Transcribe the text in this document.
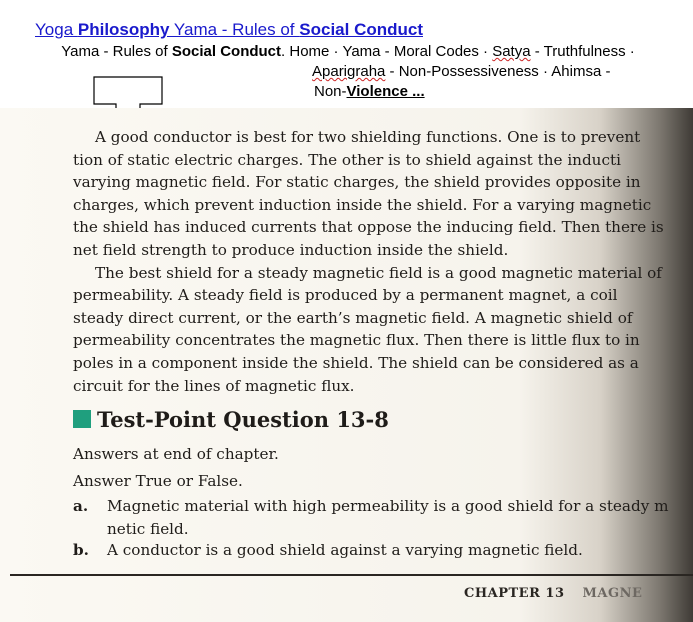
Yoga Philosophy Yama - Rules of Social Conduct
Yama - Rules of Social Conduct. Home · Yama - Moral Codes · Satya - Truthfulness ·
Aparigraha - Non-Possessiveness · Ahimsa -
Non-Violence ...

A good conductor is best for two shielding functions. One is to prevent

tion of static electric charges. The other is to shield against the inducti

varying magnetic field. For static charges, the shield provides opposite in

charges, which prevent induction inside the shield. For a varying magnetic

the shield has induced currents that oppose the inducing field. Then there is

net field strength to produce induction inside the shield.

The best shield for a steady magnetic field is a good magnetic material of

permeability. A steady field is produced by a permanent magnet, a coil

steady direct current, or the earth’s magnetic field. A magnetic shield of

permeability concentrates the magnetic flux. Then there is little flux to in

poles in a component inside the shield. The shield can be considered as a

circuit for the lines of magnetic flux.

Test-Point Question 13-8

Answers at end of chapter.

Answer True or False.

a. Magnetic material with high permeability is a good shield for a steady m
netic field.
b. A conductor is a good shield against a varying magnetic field.
CHAPTER 13 MAGNE
